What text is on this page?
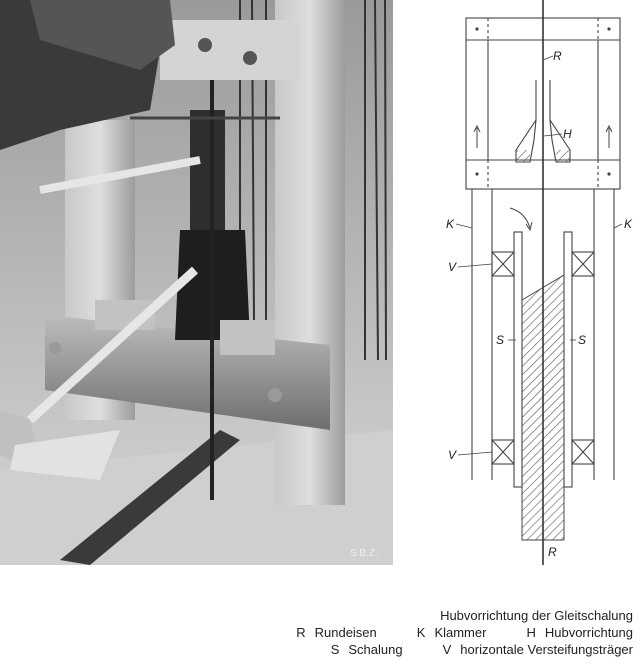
S.B.Z.
R
H
K	K
V
S	S
V
R
Hubvorrichtung der Gleitschalung
R Rundeisen	K Klammer	H Hubvorrichtung
S Schalung	V horizontale Versteifungsträger
